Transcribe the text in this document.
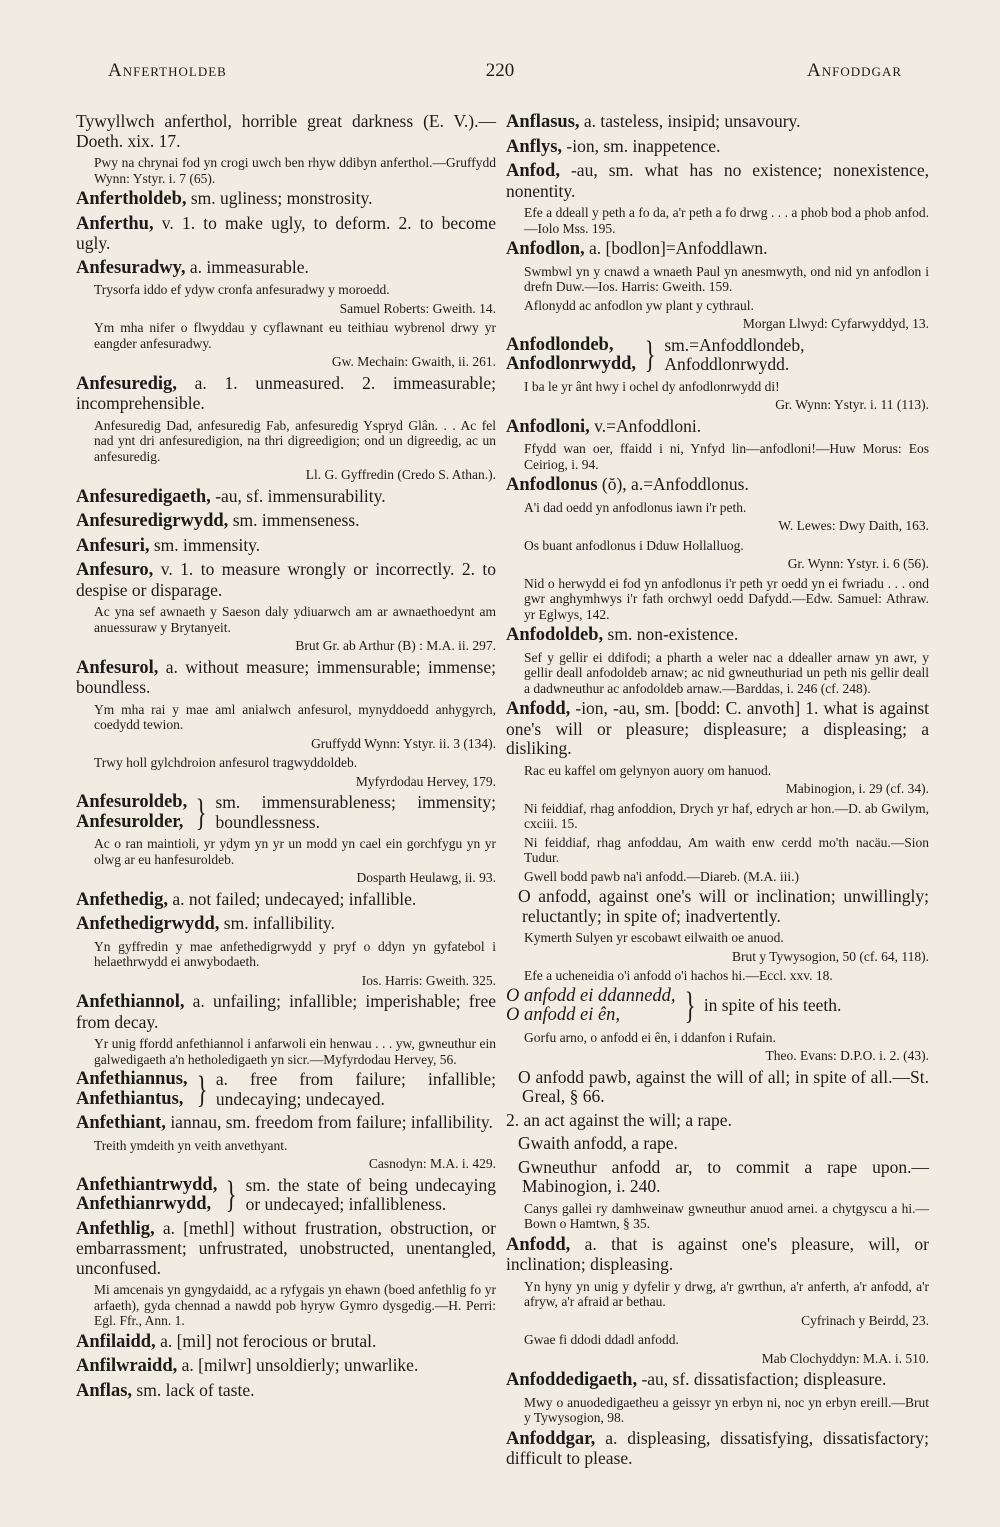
Anfertholdeb	220	Anfoddgar
Tywyllwch anferthol, horrible great darkness (E. V.).—Doeth. xix. 17.
Pwy na chrynai fod yn crogi uwch ben rhyw ddibyn anferthol.—Gruffydd Wynn: Ystyr. i. 7 (65).
Anfertholdeb, sm. ugliness; monstrosity.
Anferthu, v. 1. to make ugly, to deform. 2. to become ugly.
Anfesuradwy, a. immeasurable.
Trysorfa iddo ef ydyw cronfa anfesuradwy y moroedd.
Samuel Roberts: Gweith. 14.
Ym mha nifer o flwyddau y cyflawnant eu teithiau wybrenol drwy yr eangder anfesuradwy.
Gw. Mechain: Gwaith, ii. 261.
Anfesuredig, a. 1. unmeasured. 2. immeasurable; incomprehensible.
Anfesuredig Dad, anfesuredig Fab, anfesuredig Yspryd Glân. . . Ac fel nad ynt dri anfesuredigion, na thri digreedigion; ond un digreedig, ac un anfesuredig.
Ll. G. Gyffredin (Credo S. Athan.).
Anfesuredigaeth, -au, sf. immensurability.
Anfesuredigrwydd, sm. immenseness.
Anfesuri, sm. immensity.
Anfesuro, v. 1. to measure wrongly or incorrectly. 2. to despise or disparage.
Ac yna sef awnaeth y Saeson daly ydiuarwch am ar awnaethoedynt am anuessuraw y Brytanyeit.
Brut Gr. ab Arthur (B) : M.A. ii. 297.
Anfesurol, a. without measure; immensurable; immense; boundless.
Ym mha rai y mae aml anialwch anfesurol, mynyddoedd anhygyrch, coedydd tewion.
Gruffydd Wynn: Ystyr. ii. 3 (134).
Trwy holl gylchdroion anfesurol tragwyddoldeb.
Myfyrdodau Hervey, 179.
Anfesuroldeb,
Anfesurolder, } sm. immensurableness; immensity; boundlessness.
Ac o ran maintioli, yr ydym yn yr un modd yn cael ein gorchfygu yn yr olwg ar eu hanfesuroldeb.
Dosparth Heulawg, ii. 93.
Anfethedig, a. not failed; undecayed; infallible.
Anfethedigrwydd, sm. infallibility.
Yn gyffredin y mae anfethedigrwydd y pryf o ddyn yn gyfatebol i helaethrwydd ei anwybodaeth.
Ios. Harris: Gweith. 325.
Anfethiannol, a. unfailing; infallible; imperishable; free from decay.
Yr unig ffordd anfethiannol i anfarwoli ein henwau . . . yw, gwneuthur ein galwedigaeth a'n hetholedigaeth yn sicr.—Myfyrdodau Hervey, 56.
Anfethiannus,
Anfethiantus, } a. free from failure; infallible; undecaying; undecayed.
Anfethiant, iannau, sm. freedom from failure; infallibility.
Treith ymdeith yn veith anvethyant.
Casnodyn: M.A. i. 429.
Anfethiantrwydd,
Anfethianrwydd, } sm. the state of being undecaying or undecayed; infallibleness.
Anfethlig, a. [methl] without frustration, obstruction, or embarrassment; unfrustrated, unobstructed, unentangled, unconfused.
Mi amcenais yn gyngydaidd, ac a ryfygais yn ehawn (boed anfethlig fo yr arfaeth), gyda chennad a nawdd pob hyryw Gymro dysgedig.—H. Perri: Egl. Ffr., Ann. 1.
Anfilaidd, a. [mil] not ferocious or brutal.
Anfilwraidd, a. [milwr] unsoldierly; unwarlike.
Anflas, sm. lack of taste.
Anflasus, a. tasteless, insipid; unsavoury.
Anflys, -ion, sm. inappetence.
Anfod, -au, sm. what has no existence; nonexistence, nonentity.
Efe a ddeall y peth a fo da, a'r peth a fo drwg . . . a phob bod a phob anfod.—Iolo Mss. 195.
Anfodlon, a. [bodlon]=Anfoddlawn.
Swmbwl yn y cnawd a wnaeth Paul yn anesmwyth, ond nid yn anfodlon i drefn Duw.—Ios. Harris: Gweith. 159.
Aflonydd ac anfodlon yw plant y cythraul.
Morgan Llwyd: Cyfarwyddyd, 13.
Anfodlondeb,
Anfodlonrwydd, } sm.=Anfoddlondeb, Anfoddlonrwydd.
I ba le yr ânt hwy i ochel dy anfodlonrwydd di!
Gr. Wynn: Ystyr. i. 11 (113).
Anfodloni, v.=Anfoddloni.
Ffydd wan oer, ffaidd i ni, Ynfyd lin—anfodloni!—Huw Morus: Eos Ceiriog, i. 94.
Anfodlonus (ŏ), a.=Anfoddlonus.
A'i dad oedd yn anfodlonus iawn i'r peth.
W. Lewes: Dwy Daith, 163.
Os buant anfodlonus i Dduw Hollalluog.
Gr. Wynn: Ystyr. i. 6 (56).
Nid o herwydd ei fod yn anfodlonus i'r peth yr oedd yn ei fwriadu . . . ond gwr anghymhwys i'r fath orchwyl oedd Dafydd.—Edw. Samuel: Athraw. yr Eglwys, 142.
Anfodoldeb, sm. non-existence.
Sef y gellir ei ddifodi; a pharth a weler nac a ddealler arnaw yn awr, y gellir deall anfodoldeb arnaw; ac nid gwneuthuriad un peth nis gellir deall a dadwneuthur ac anfodoldeb arnaw.—Barddas, i. 246 (cf. 248).
Anfodd, -ion, -au, sm. [bodd: C. anvoth] 1. what is against one's will or pleasure; displeasure; a displeasing; a disliking.
Rac eu kaffel om gelynyon auory om hanuod.
Mabinogion, i. 29 (cf. 34).
Ni feiddiaf, rhag anfoddion, Drych yr haf, edrych ar hon.—D. ab Gwilym, cxciii. 15.
Ni feiddiaf, rhag anfoddau, Am waith enw cerdd mo'th nacäu.—Sion Tudur.
Gwell bodd pawb na'i anfodd.—Diareb. (M.A. iii.)
O anfodd, against one's will or inclination; unwillingly; reluctantly; in spite of; inadvertently.
Kymerth Sulyen yr escobawt eilwaith oe anuod.
Brut y Tywysogion, 50 (cf. 64, 118).
Efe a ucheneidia o'i anfodd o'i hachos hi.—Eccl. xxv. 18.
O anfodd ei ddannedd,
O anfodd ei ên,	} in spite of his teeth.
Gorfu arno, o anfodd ei ên, i ddanfon i Rufain.
Theo. Evans: D.P.O. i. 2. (43).
O anfodd pawb, against the will of all; in spite of all.—St. Greal, § 66.
2. an act against the will; a rape.
Gwaith anfodd, a rape.
Gwneuthur anfodd ar, to commit a rape upon.—Mabinogion, i. 240.
Canys gallei ry damhweinaw gwneuthur anuod arnei. a chytgyscu a hi.—Bown o Hamtwn, § 35.
Anfodd, a. that is against one's pleasure, will, or inclination; displeasing.
Yn hyny yn unig y dyfelir y drwg, a'r gwrthun, a'r anferth, a'r anfodd, a'r afryw, a'r afraid ar bethau.
Cyfrinach y Beirdd, 23.
Gwae fi ddodi ddadl anfodd.
Mab Clochyddyn: M.A. i. 510.
Anfoddedigaeth, -au, sf. dissatisfaction; displeasure.
Mwy o anuodedigaetheu a geissyr yn erbyn ni, noc yn erbyn ereill.—Brut y Tywysogion, 98.
Anfoddgar, a. displeasing, dissatisfying, dissatisfactory; difficult to please.
